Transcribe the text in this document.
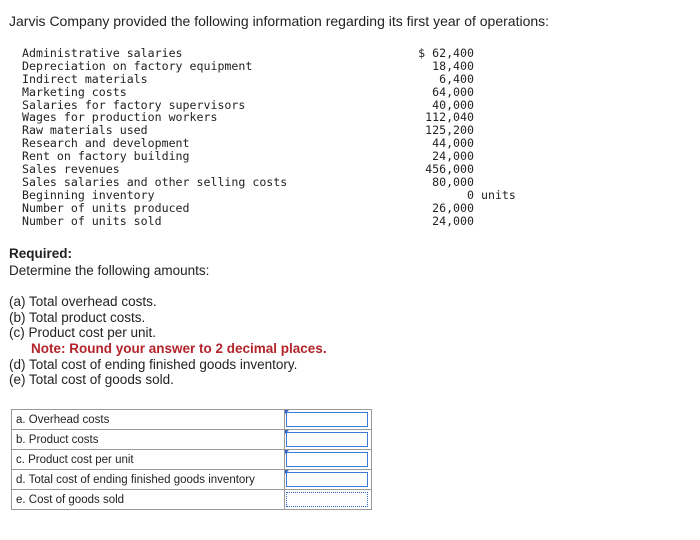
Jarvis Company provided the following information regarding its first year of operations:
Administrative salaries	$ 62,400
Depreciation on factory equipment	18,400
Indirect materials	6,400
Marketing costs	64,000
Salaries for factory supervisors	40,000
Wages for production workers	112,040
Raw materials used	125,200
Research and development	44,000
Rent on factory building	24,000
Sales revenues	456,000
Sales salaries and other selling costs	80,000
Beginning inventory	0 units
Number of units produced	26,000
Number of units sold	24,000
Required:
Determine the following amounts:
(a) Total overhead costs.
(b) Total product costs.
(c) Product cost per unit.
Note: Round your answer to 2 decimal places.
(d) Total cost of ending finished goods inventory.
(e) Total cost of goods sold.
a. Overhead costs	

b. Product costs	

c. Product cost per unit	

d. Total cost of ending finished goods inventory	

e. Cost of goods sold	
